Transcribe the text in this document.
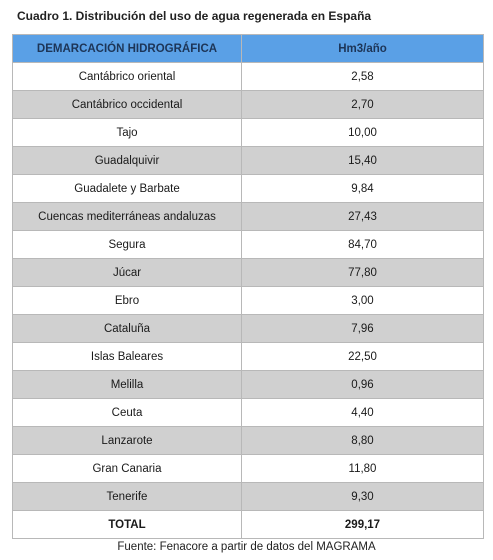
Cuadro 1. Distribución del uso de agua regenerada en España
DEMARCACIÓN HIDROGRÁFICA	Hm3/año
Cantábrico oriental	2,58
Cantábrico occidental	2,70
Tajo	10,00
Guadalquivir	15,40
Guadalete y Barbate	9,84
Cuencas mediterráneas andaluzas	27,43
Segura	84,70
Júcar	77,80
Ebro	3,00
Cataluña	7,96
Islas Baleares	22,50
Melilla	0,96
Ceuta	4,40
Lanzarote	8,80
Gran Canaria	11,80
Tenerife	9,30
TOTAL	299,17
Fuente: Fenacore a partir de datos del MAGRAMA
